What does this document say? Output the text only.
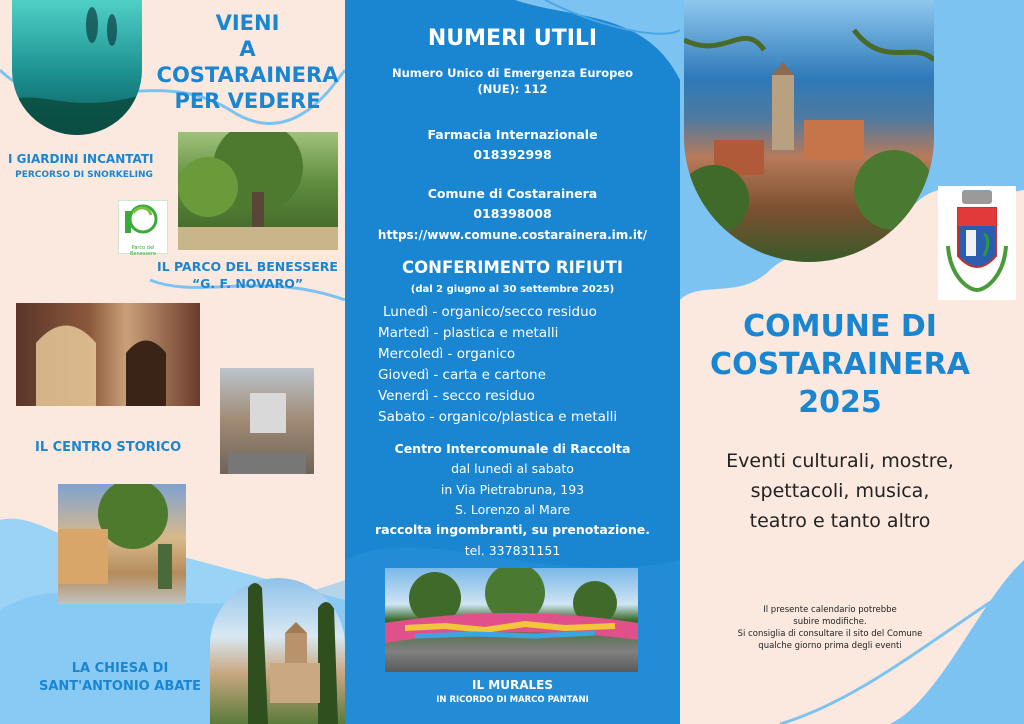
VIENI
A COSTARAINERA
PER VEDERE
I GIARDINI INCANTATI
PERCORSO DI SNORKELING
Parco del Benessere
IL PARCO DEL BENESSERE
“G. F. NOVARO”
IL CENTRO STORICO
LA CHIESA DI
SANT'ANTONIO ABATE
NUMERI UTILI
Numero Unico di Emergenza Europeo
(NUE): 112
Farmacia Internazionale
018392998
Comune di Costarainera
018398008
https://www.comune.costarainera.im.it/
CONFERIMENTO RIFIUTI
(dal 2 giugno al 30 settembre 2025)
Lunedì - organico/secco residuo
Martedì - plastica e metalli
Mercoledì - organico
Giovedì - carta e cartone
Venerdì - secco residuo
Sabato - organico/plastica e metalli
Centro Intercomunale di Raccolta
dal lunedì al sabato
in Via Pietrabruna, 193
S. Lorenzo al Mare
raccolta ingombranti, su prenotazione.
tel. 337831151
IL MURALES
IN RICORDO DI MARCO PANTANI
COMUNE DI
COSTARAINERA
2025
Eventi culturali, mostre,
spettacoli, musica,
teatro e tanto altro
Il presente calendario potrebbe
subire modifiche.
Si consiglia di consultare il sito del Comune
qualche giorno prima degli eventi
